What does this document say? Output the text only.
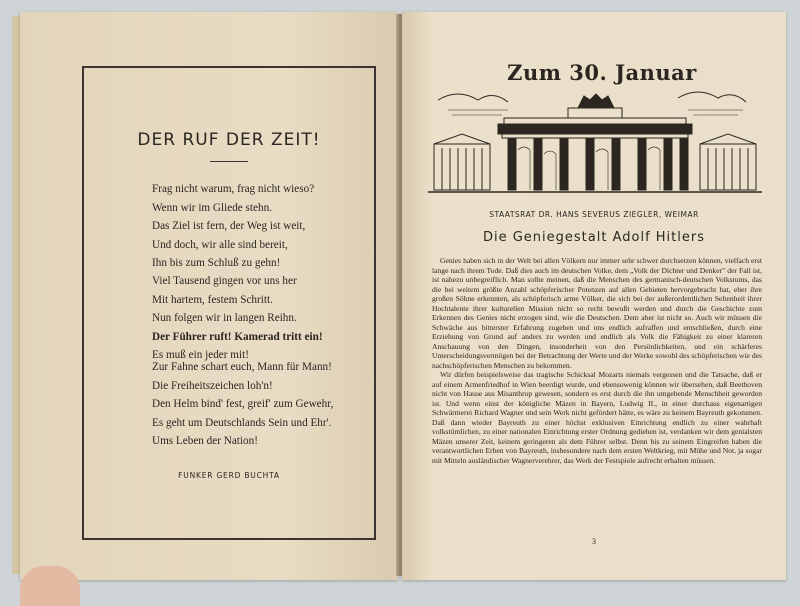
DER RUF DER ZEIT!
Frag nicht warum, frag nicht wieso?
Wenn wir im Gliede stehn.
Das Ziel ist fern, der Weg ist weit,
Und doch, wir alle sind bereit,
Ihn bis zum Schluß zu gehn!
Viel Tausend gingen vor uns her
Mit hartem, festem Schritt.
Nun folgen wir in langen Reihn.
Der Führer ruft! Kamerad tritt ein!
Es muß ein jeder mit!
Zur Fahne schart euch, Mann für Mann!
Die Freiheitszeichen loh'n!
Den Helm bind' fest, greif' zum Gewehr,
Es geht um Deutschlands Sein und Ehr'.
Ums Leben der Nation!
FUNKER GERD BUCHTA
Zum 30. Januar
STAATSRAT DR. HANS SEVERUS ZIEGLER, WEIMAR
Die Geniegestalt Adolf Hitlers

Genies haben sich in der Welt bei allen Völkern nur immer sehr schwer durchsetzen können, vielfach erst lange nach ihrem Tode. Daß dies auch im deutschen Volke, dem „Volk der Dichter und Denker" der Fall ist, ist nahezu unbegreiflich. Man sollte meinen, daß die Menschen des germanisch-deutschen Volkstums, das die bei weitem größte Anzahl schöpferischer Potenzen auf allen Gebieten hervorgebracht hat, eher ihre großen Söhne erkennten, als schöpferisch arme Völker, die sich bei der außerordentlichen Seltenheit ihrer Hochtalente ihrer kulturellen Mission nicht so recht bewußt werden und durch die Geschichte zum Erkennen des Genies nicht erzogen sind, wie die Deutschen. Dem aber ist nicht so. Auch wir müssen die Schwäche aus bitterster Erfahrung zugeben und uns endlich aufraffen und entschließen, durch eine Erziehung von Grund auf anders zu werden und endlich als Volk die Fähigkeit zu einer klareren Anschauung von den Dingen, insonderheit von den Persönlichkeiten, und ein schärferes Unterscheidungsvermögen bei der Betrachtung der Werte und der Werke sowohl des schöpferischen wie des nachschöpferischen Menschen zu bekommen.

Wir dürfen beispielsweise das tragische Schicksal Mozarts niemals vergessen und die Tatsache, daß er auf einem Armenfriedhof in Wien beerdigt wurde, und ebensowenig können wir übersehen, daß Beethoven nicht von Hause aus Misanthrop gewesen, sondern es erst durch die ihn umgebende Menschheit geworden ist. Und wenn einst der königliche Mäzen in Bayern, Ludwig II., in einer durchaus eigenartigen Schwärmerei Richard Wagner und sein Werk nicht gefördert hätte, es wäre zu keinem Bayreuth gekommen. Daß dann wieder Bayreuth zu einer höchst exklusiven Einrichtung endlich zu einer wahrhaft volkstümlichen, zu einer nationalen Einrichtung erster Ordnung gediehen ist, verdanken wir dem genialsten Mäzen unserer Zeit, keinem geringeren als dem Führer selbst. Denn bis zu seinem Eingreifen haben die verantwortlichen Erben von Bayreuth, insbesondere nach dem ersten Weltkrieg, mit Mühe und Not, ja sogar mit Mitteln ausländischer Wagnerverehrer, das Werk der Festspiele aufrecht erhalten müssen.

3
